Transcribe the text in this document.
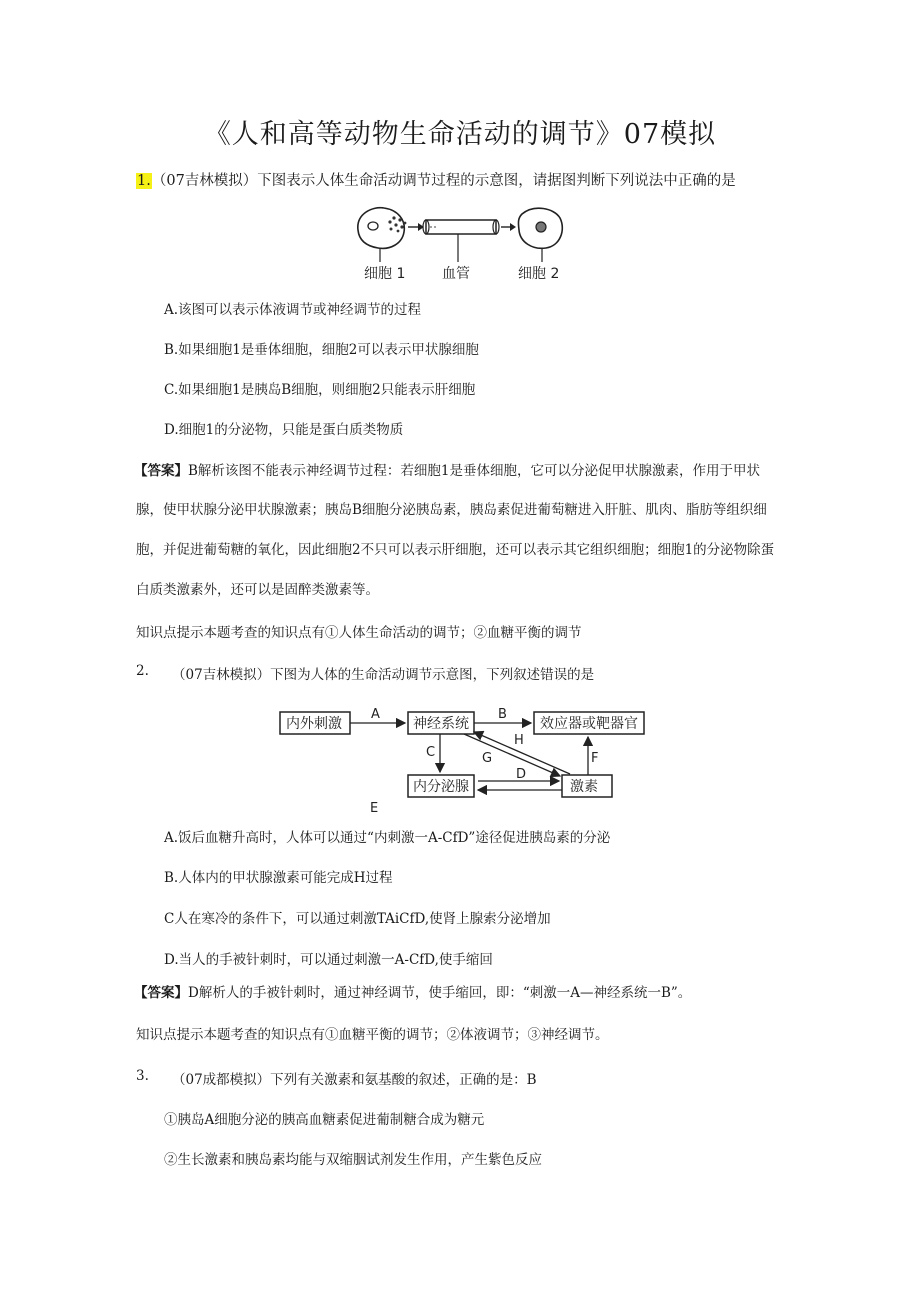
《人和高等动物生命活动的调节》07模拟
1.（07吉林模拟）下图表示人体生命活动调节过程的示意图，请据图判断下列说法中正确的是
细胞 1	血管	细胞 2
A.该图可以表示体液调节或神经调节的过程
B.如果细胞1是垂体细胞，细胞2可以表示甲状腺细胞
C.如果细胞1是胰岛B细胞，则细胞2只能表示肝细胞
D.细胞1的分泌物，只能是蛋白质类物质
【答案】B解析该图不能表示神经调节过程：若细胞1是垂体细胞，它可以分泌促甲状腺激素，作用于甲状
腺，使甲状腺分泌甲状腺激素；胰岛B细胞分泌胰岛素，胰岛素促进葡萄糖进入肝脏、肌肉、脂肪等组织细
胞，并促进葡萄糖的氧化，因此细胞2不只可以表示肝细胞，还可以表示其它组织细胞；细胞1的分泌物除蛋
白质类激素外，还可以是固醉类激素等。
知识点提示本题考查的知识点有①人体生命活动的调节；②血糖平衡的调节
2. （07吉林模拟）下图为人体的生命活动调节示意图，下列叙述错误的是
内外刺激	神经系统	效应器或靶器官
内分泌腺	激素
A	B
C
D
E
F
G
H
A.饭后血糖升高时，人体可以通过“内刺激一A-CfD”途径促进胰岛素的分泌
B.人体内的甲状腺激素可能完成H过程
C人在寒冷的条件下，可以通过刺激TAiCfD,使肾上腺索分泌增加
D.当人的手被针刺时，可以通过刺激一A-CfD,使手缩回
【答案】D解析人的手被针刺时，通过神经调节，使手缩回，即：“刺激一A—神经系统一B”。
知识点提示本题考查的知识点有①血糖平衡的调节；②体液调节；③神经调节。
3. （07成都模拟）下列有关激素和氨基酸的叙述，正确的是：B
①胰岛A细胞分泌的胰高血糖素促进葡制糖合成为糖元
②生长激素和胰岛素均能与双缩胭试剂发生作用，产生紫色反应
